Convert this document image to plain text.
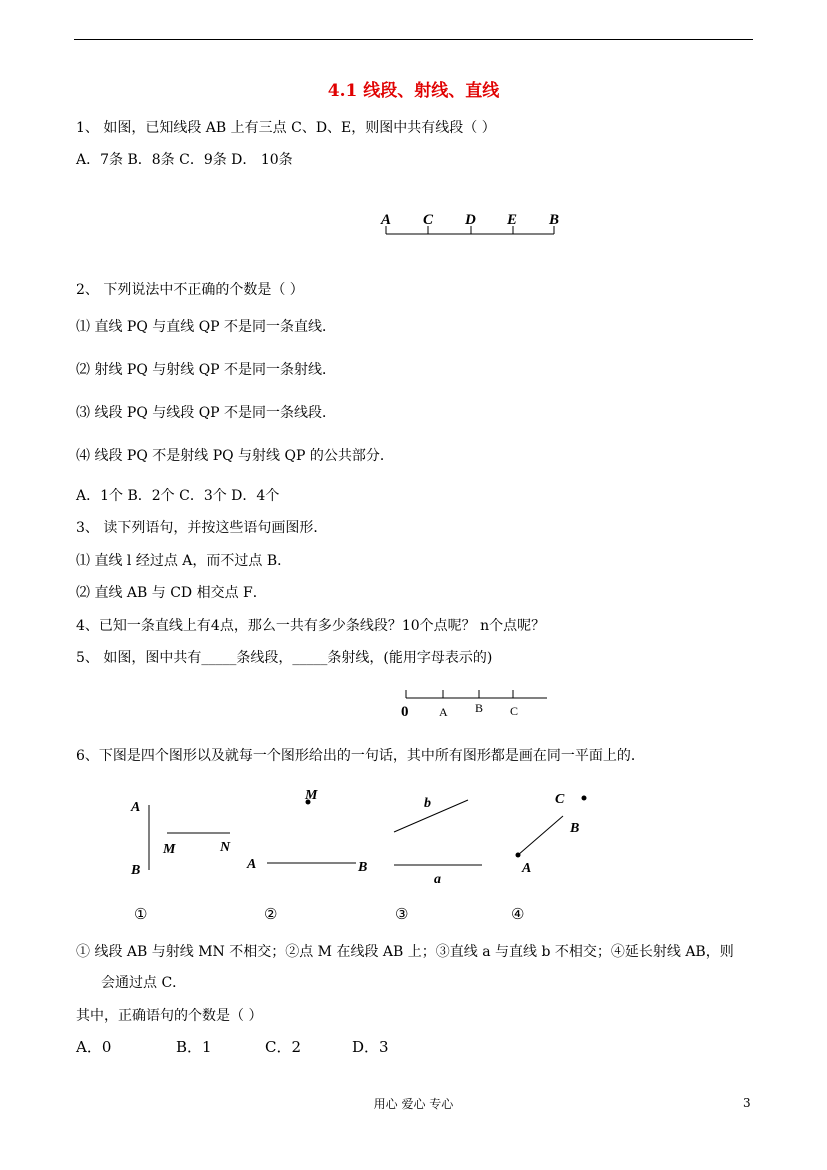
4.1 线段、射线、直线
1、 如图，已知线段 AB 上有三点 C、D、E，则图中共有线段（ ）
A．7条 B．8条 C．9条 D． 10条
A C D E B
2、 下列说法中不正确的个数是（ ）
⑴ 直线 PQ 与直线 QP 不是同一条直线．
⑵ 射线 PQ 与射线 QP 不是同一条射线．
⑶ 线段 PQ 与线段 QP 不是同一条线段．
⑷ 线段 PQ 不是射线 PQ 与射线 QP 的公共部分．
A．1个 B．2个 C．3个 D．4个
3、 读下列语句，并按这些语句画图形．
⑴ 直线 l 经过点 A，而不过点 B．
⑵ 直线 AB 与 CD 相交点 F．
4、已知一条直线上有4点，那么一共有多少条线段？10个点呢？ n个点呢？
5、 如图，图中共有_____条线段，_____条射线，(能用字母表示的)
0	A B C
6、下图是四个图形以及就每一个图形给出的一句话，其中所有图形都是画在同一平面上的．
A
B
M	N
M
A	B
b
a
C
B
A
①	②	③	④
① 线段 AB 与射线 MN 不相交；②点 M 在线段 AB 上；③直线 a 与直线 b 不相交；④延长射线 AB，则
会通过点 C．
其中，正确语句的个数是（ ）
A．0	B．1	C．2	D．3
用心 爱心 专心	3
